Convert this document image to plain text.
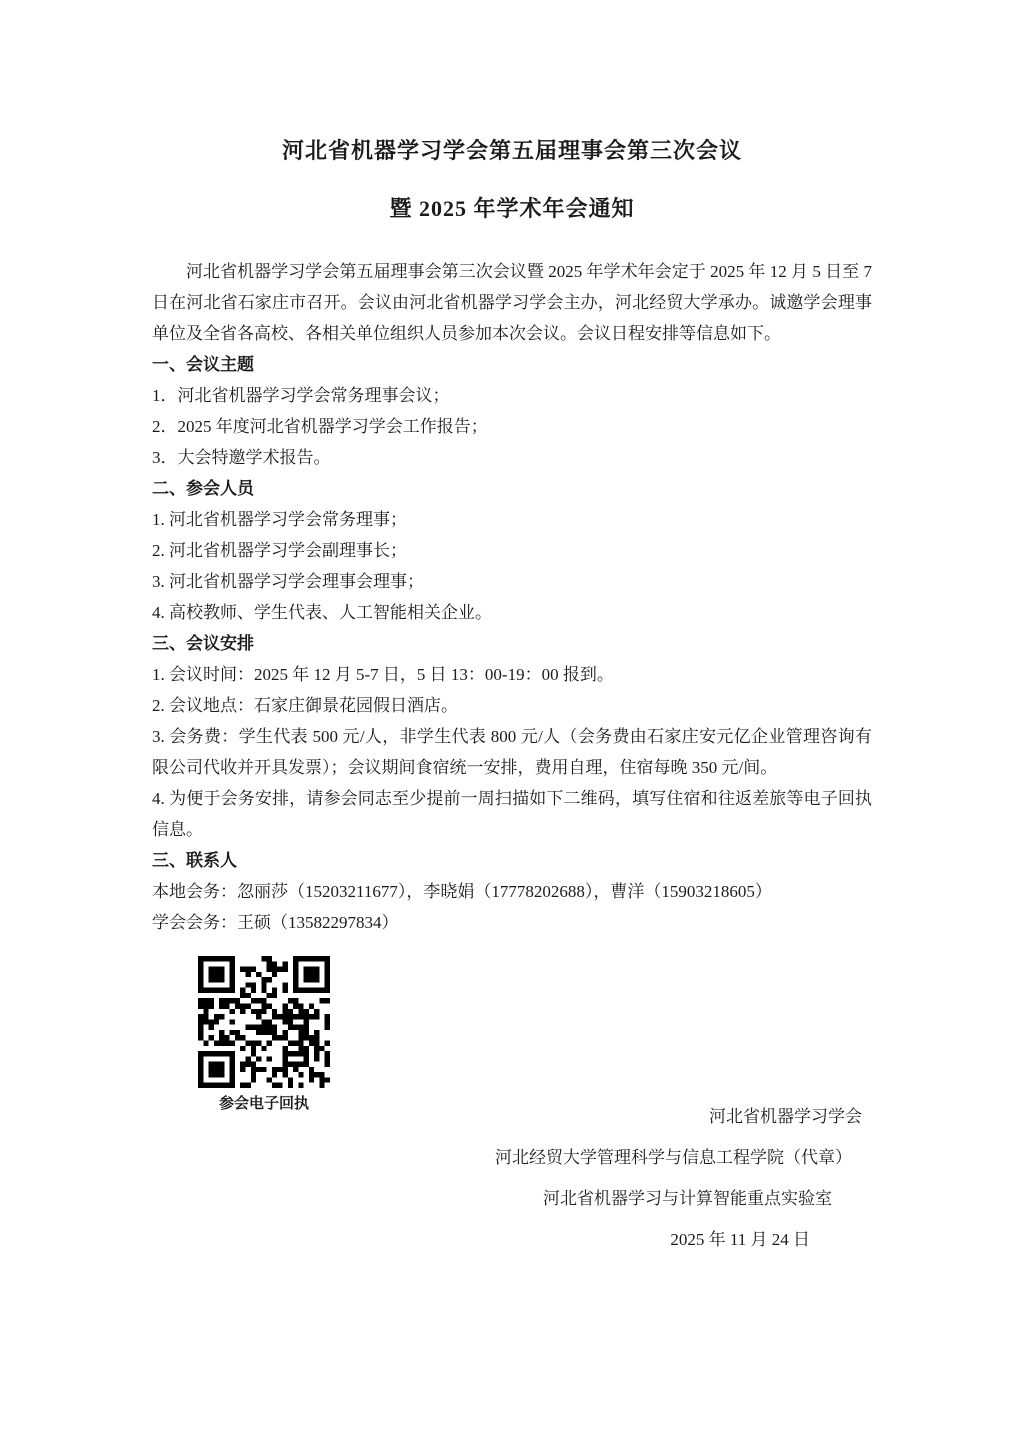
河北省机器学习学会第五届理事会第三次会议
暨 2025 年学术年会通知

河北省机器学习学会第五届理事会第三次会议暨 2025 年学术年会定于 2025 年 12 月 5 日至 7 日在河北省石家庄市召开。会议由河北省机器学习学会主办，河北经贸大学承办。诚邀学会理事单位及全省各高校、各相关单位组织人员参加本次会议。会议日程安排等信息如下。

一、会议主题

1．河北省机器学习学会常务理事会议；

2．2025 年度河北省机器学习学会工作报告；

3．大会特邀学术报告。

二、参会人员

1. 河北省机器学习学会常务理事；

2. 河北省机器学习学会副理事长；

3. 河北省机器学习学会理事会理事；

4. 高校教师、学生代表、人工智能相关企业。

三、会议安排

1. 会议时间：2025 年 12 月 5-7 日，5 日 13：00-19：00 报到。

2. 会议地点：石家庄御景花园假日酒店。

3. 会务费：学生代表 500 元/人，非学生代表 800 元/人（会务费由石家庄安元亿企业管理咨询有限公司代收并开具发票）；会议期间食宿统一安排，费用自理，住宿每晚 350 元/间。

4. 为便于会务安排，请参会同志至少提前一周扫描如下二维码，填写住宿和往返差旅等电子回执信息。

三、联系人

本地会务：忽丽莎（15203211677），李晓娟（17778202688），曹洋（15903218605）

学会会务：王硕（13582297834）

参会电子回执
河北省机器学习学会
河北经贸大学管理科学与信息工程学院（代章）
河北省机器学习与计算智能重点实验室
2025 年 11 月 24 日
